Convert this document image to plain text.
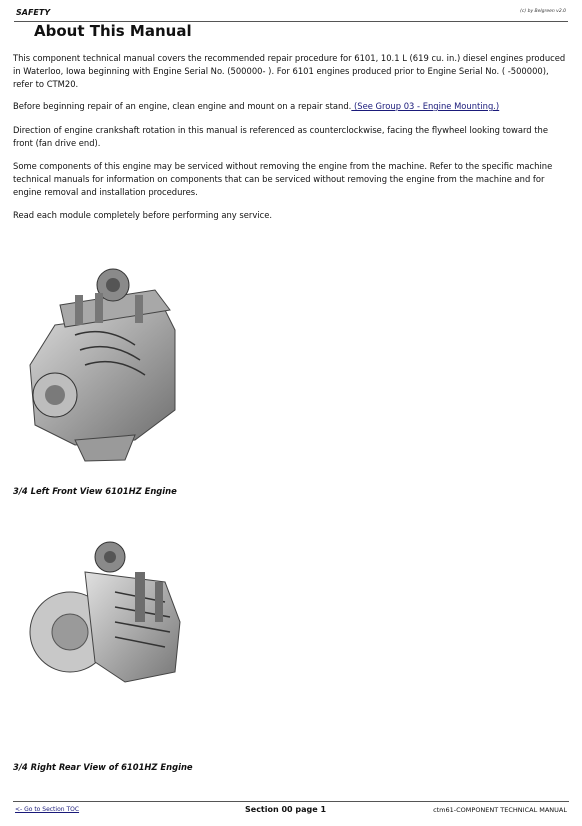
SAFETY	(c) by Belgreen v2.0
About This Manual

This component technical manual covers the recommended repair procedure for 6101, 10.1 L (619 cu. in.) diesel engines produced in Waterloo, Iowa beginning with Engine Serial No. (500000- ). For 6101 engines produced prior to Engine Serial No. ( -500000), refer to CTM20.

Before beginning repair of an engine, clean engine and mount on a repair stand. (See Group 03 - Engine Mounting.)

Direction of engine crankshaft rotation in this manual is referenced as counterclockwise, facing the flywheel looking toward the front (fan drive end).

Some components of this engine may be serviced without removing the engine from the machine. Refer to the specific machine technical manuals for information on components that can be serviced without removing the engine from the machine and for engine removal and installation procedures.

Read each module completely before performing any service.

3/4 Left Front View 6101HZ Engine

3/4 Right Rear View of 6101HZ Engine

<- Go to Section TOC	Section 00 page 1	ctm61-COMPONENT TECHNICAL MANUAL
